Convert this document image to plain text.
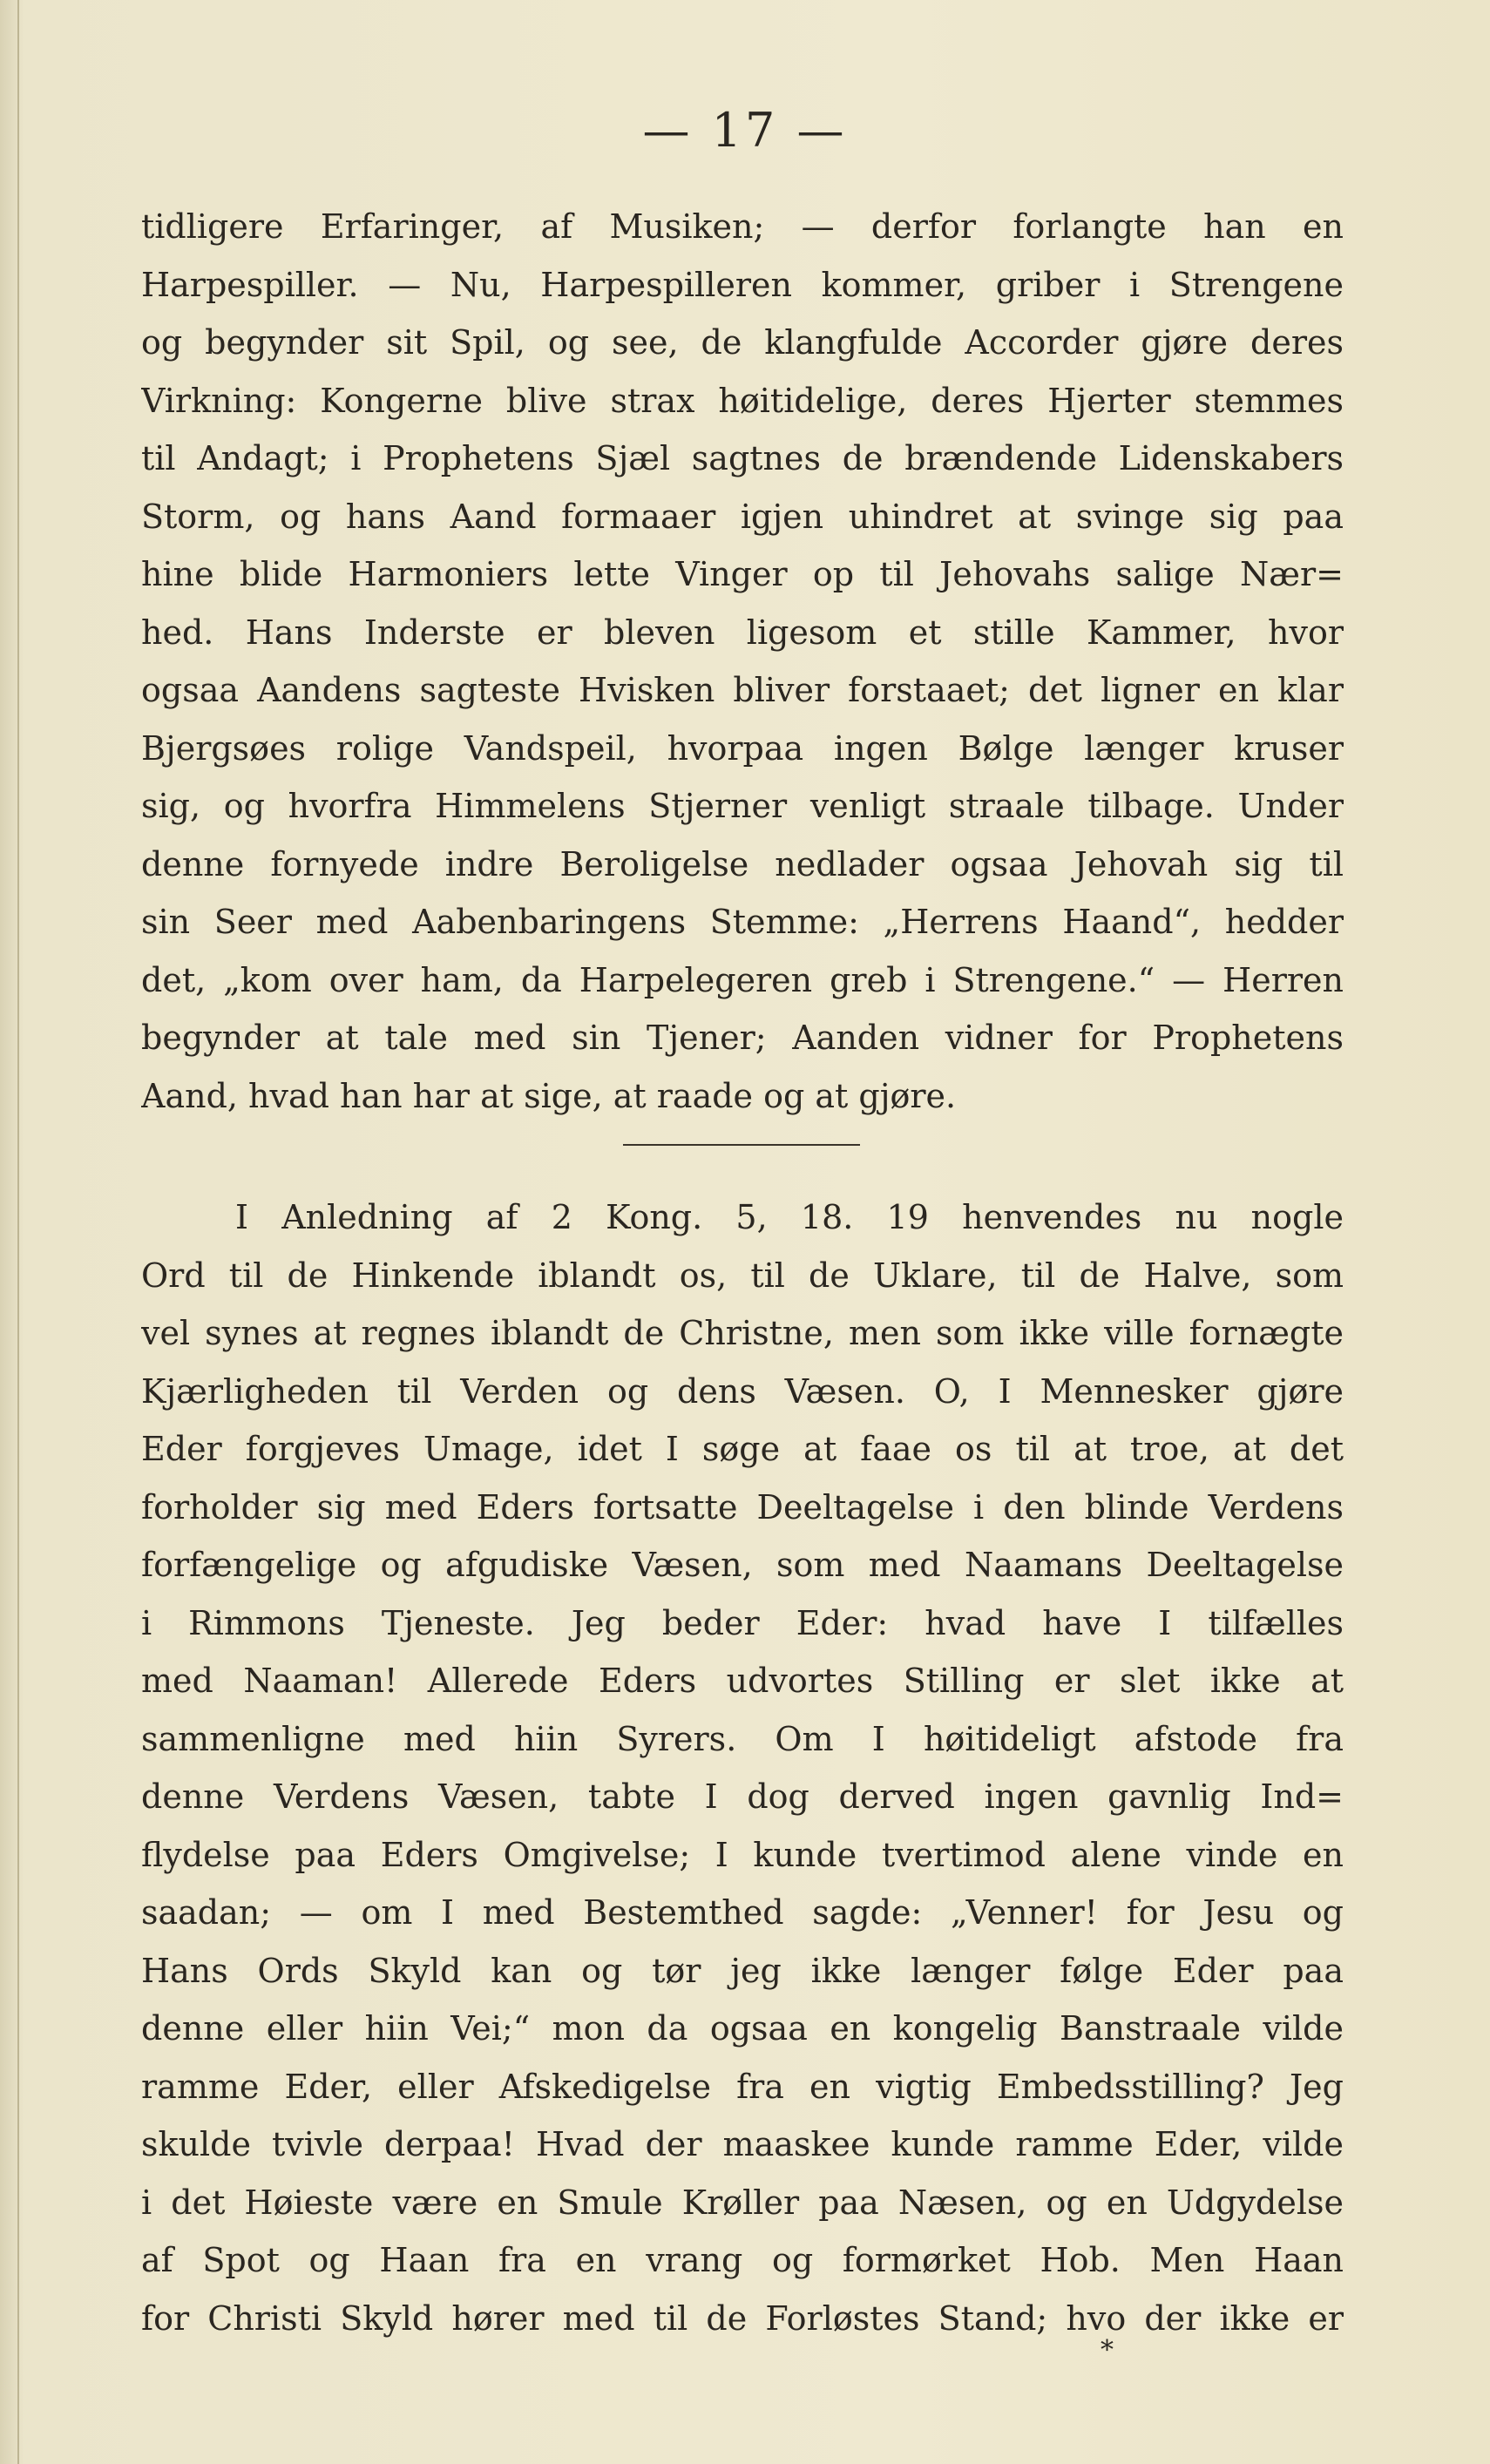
— 17 —
tidligere Erfaringer, af Musiken; — derfor forlangte han en
Harpespiller. — Nu, Harpespilleren kommer, griber i Strengene
og begynder sit Spil, og see, de klangfulde Accorder gjøre deres
Virkning: Kongerne blive strax høitidelige, deres Hjerter stemmes
til Andagt; i Prophetens Sjæl sagtnes de brændende Lidenskabers
Storm, og hans Aand formaaer igjen uhindret at svinge sig paa
hine blide Harmoniers lette Vinger op til Jehovahs salige Nær=
hed. Hans Inderste er bleven ligesom et stille Kammer, hvor
ogsaa Aandens sagteste Hvisken bliver forstaaet; det ligner en klar
Bjergsøes rolige Vandspeil, hvorpaa ingen Bølge længer kruser
sig, og hvorfra Himmelens Stjerner venligt straale tilbage. Under
denne fornyede indre Beroligelse nedlader ogsaa Jehovah sig til
sin Seer med Aabenbaringens Stemme: „Herrens Haand“, hedder
det, „kom over ham, da Harpelegeren greb i Strengene.“ — Herren
begynder at tale med sin Tjener; Aanden vidner for Prophetens
Aand, hvad han har at sige, at raade og at gjøre.
I Anledning af 2 Kong. 5, 18. 19 henvendes nu nogle
Ord til de Hinkende iblandt os, til de Uklare, til de Halve, som
vel synes at regnes iblandt de Christne, men som ikke ville fornægte
Kjærligheden til Verden og dens Væsen. O, I Mennesker gjøre
Eder forgjeves Umage, idet I søge at faae os til at troe, at det
forholder sig med Eders fortsatte Deeltagelse i den blinde Verdens
forfængelige og afgudiske Væsen, som med Naamans Deeltagelse
i Rimmons Tjeneste. Jeg beder Eder: hvad have I tilfælles
med Naaman! Allerede Eders udvortes Stilling er slet ikke at
sammenligne med hiin Syrers. Om I høitideligt afstode fra
denne Verdens Væsen, tabte I dog derved ingen gavnlig Ind=
flydelse paa Eders Omgivelse; I kunde tvertimod alene vinde en
saadan; — om I med Bestemthed sagde: „Venner! for Jesu og
Hans Ords Skyld kan og tør jeg ikke længer følge Eder paa
denne eller hiin Vei;“ mon da ogsaa en kongelig Banstraale vilde
ramme Eder, eller Afskedigelse fra en vigtig Embedsstilling? Jeg
skulde tvivle derpaa! Hvad der maaskee kunde ramme Eder, vilde
i det Høieste være en Smule Krøller paa Næsen, og en Udgydelse
af Spot og Haan fra en vrang og formørket Hob. Men Haan
for Christi Skyld hører med til de Forløstes Stand; hvo der ikke er
*
